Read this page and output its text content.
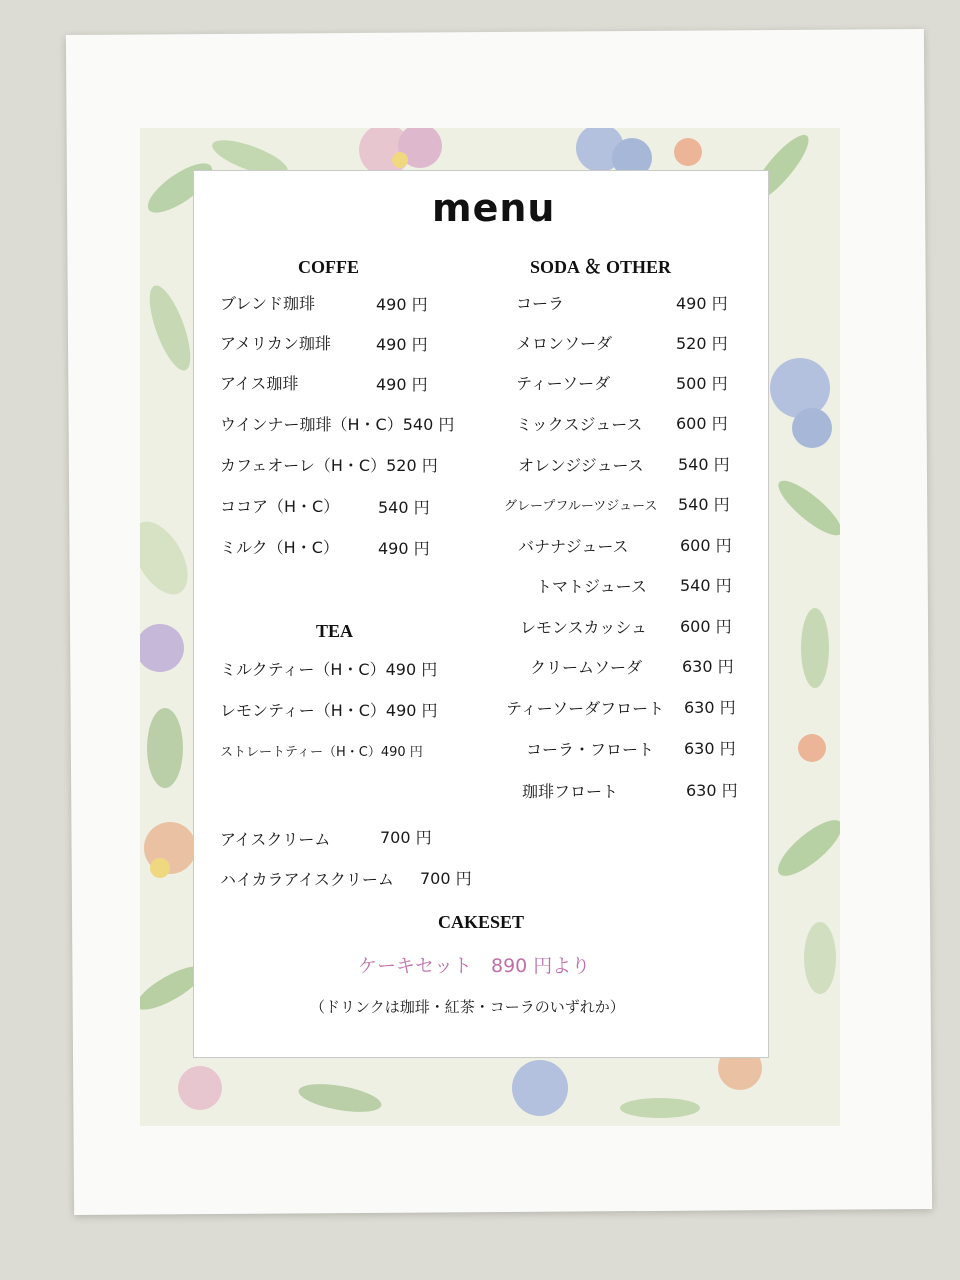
menu
COFFE
ブレンド珈琲	490 円
アメリカン珈琲	490 円
アイス珈琲	490 円
ウインナー珈琲（H・C）540 円
カフェオーレ（H・C）520 円
ココア（H・C） 540 円
ミルク（H・C） 490 円
TEA
ミルクティー（H・C）490 円
レモンティー（H・C）490 円
ストレートティー（H・C）490 円
アイスクリーム	700 円
ハイカラアイスクリーム 700 円
SODA ＆ OTHER
コーラ	490 円
メロンソーダ	520 円
ティーソーダ	500 円
ミックスジュース 600 円
オレンジジュース 540 円
グレープフルーツジュース 540 円
バナナジュース	600 円
トマトジュース 540 円
レモンスカッシュ 600 円
クリームソーダ 630 円
ティーソーダフロート 630 円
コーラ・フロート 630 円
珈琲フロート	630 円
CAKESET
ケーキセット　890 円より
（ドリンクは珈琲・紅茶・コーラのいずれか）
